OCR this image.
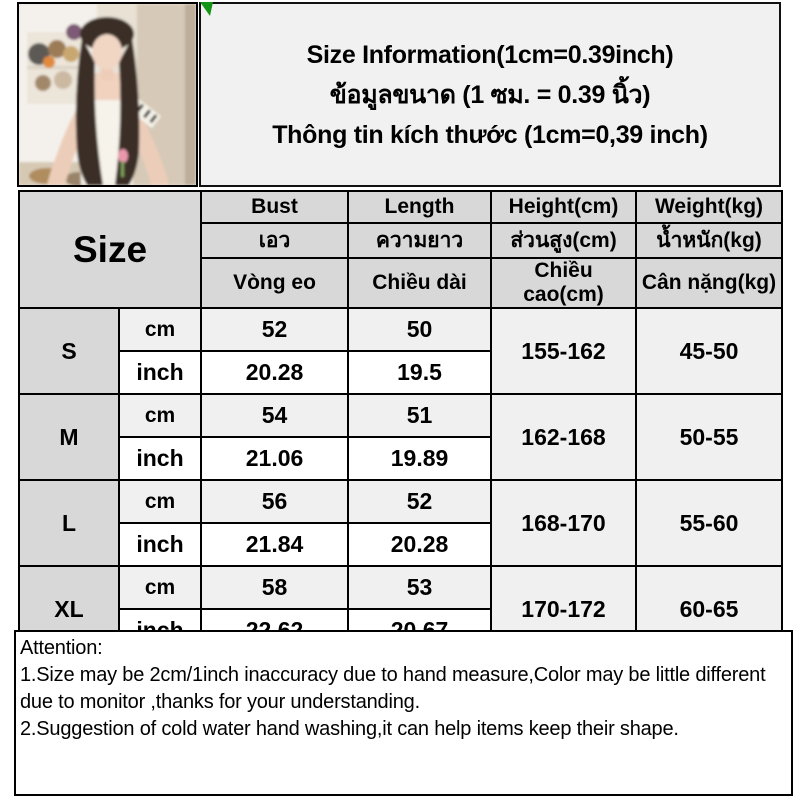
Size Information(1cm=0.39inch)
ข้อมูลขนาด (1 ซม. = 0.39 นิ้ว)
Thông tin kích thước (1cm=0,39 inch)
Size		Bust	Length	Height(cm)	Weight(kg)
		เอว	ความยาว	ส่วนสูง(cm)	น้ำหนัก(kg)
		Vòng eo	Chiều dài	Chiều cao(cm)	Cân nặng(kg)
S	cm	52	50	155-162	45-50
	inch	20.28	19.5		
M	cm	54	51	162-168	50-55
	inch	21.06	19.89		
L	cm	56	52	168-170	55-60
	inch	21.84	20.28		
XL	cm	58	53	170-172	60-65

Attention:
1.Size may be 2cm/1inch inaccuracy due to hand measure,Color may be little different due to monitor ,thanks for your understanding.
2.Suggestion of cold water hand washing,it can help items keep their shape.
